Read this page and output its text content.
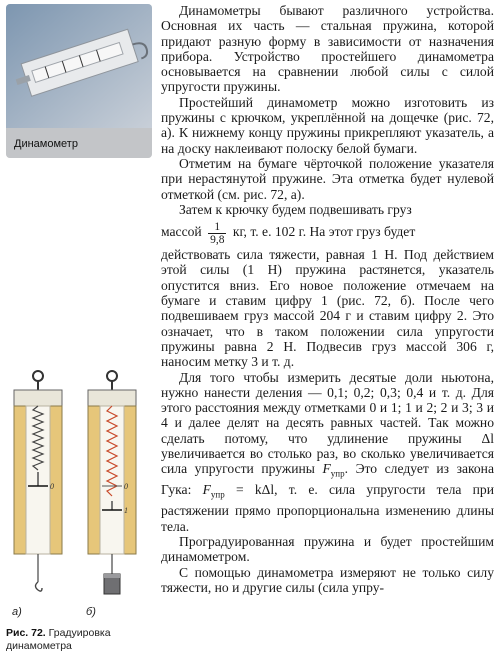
Динамометр
0
а)
0
1
б)
Рис. 72. Градуировка динамометра

Динамометры бывают различного устройства. Основная их часть — стальная пружина, которой придают разную форму в зависимости от назначения прибора. Устройство простейшего динамометра основывается на сравнении любой силы с силой упругости пружины.

Простейший динамометр можно изготовить из пружины с крючком, укреплённой на дощечке (рис. 72, а). К нижнему концу пружины прикрепляют указатель, а на доску наклеивают полоску белой бумаги.

Отметим на бумаге чёрточкой положение указателя при нерастянутой пружине. Эта отметка будет нулевой отметкой (см. рис. 72, а).

Затем к крючку будем подвешивать груз

массой $\frac{1}{9,8}$ кг, т. е. 102 г. На этот груз будет

действовать сила тяжести, равная 1 Н. Под действием этой силы (1 Н) пружина растянется, указатель опустится вниз. Его новое положение отмечаем на бумаге и ставим цифру 1 (рис. 72, б). После чего подвешиваем груз массой 204 г и ставим цифру 2. Это означает, что в таком положении сила упругости пружины равна 2 Н. Подвесив груз массой 306 г, наносим метку 3 и т. д.

Для того чтобы измерить десятые доли ньютона, нужно нанести деления — 0,1; 0,2; 0,3; 0,4 и т. д. Для этого расстояния между отметками 0 и 1; 1 и 2; 2 и 3; 3 и 4 и далее делят на десять равных частей. Так можно сделать потому, что удлинение пружины Δl увеличивается во столько раз, во сколько увеличивается сила упругости пружины $F_{упр}$. Это следует из закона Гука: $F_{упр} = k\Delta l$, т. е. сила упругости тела при растяжении прямо пропорциональна изменению длины тела.

Проградуированная пружина и будет простейшим динамометром.

С помощью динамометра измеряют не только силу тяжести, но и другие силы (сила упру-
